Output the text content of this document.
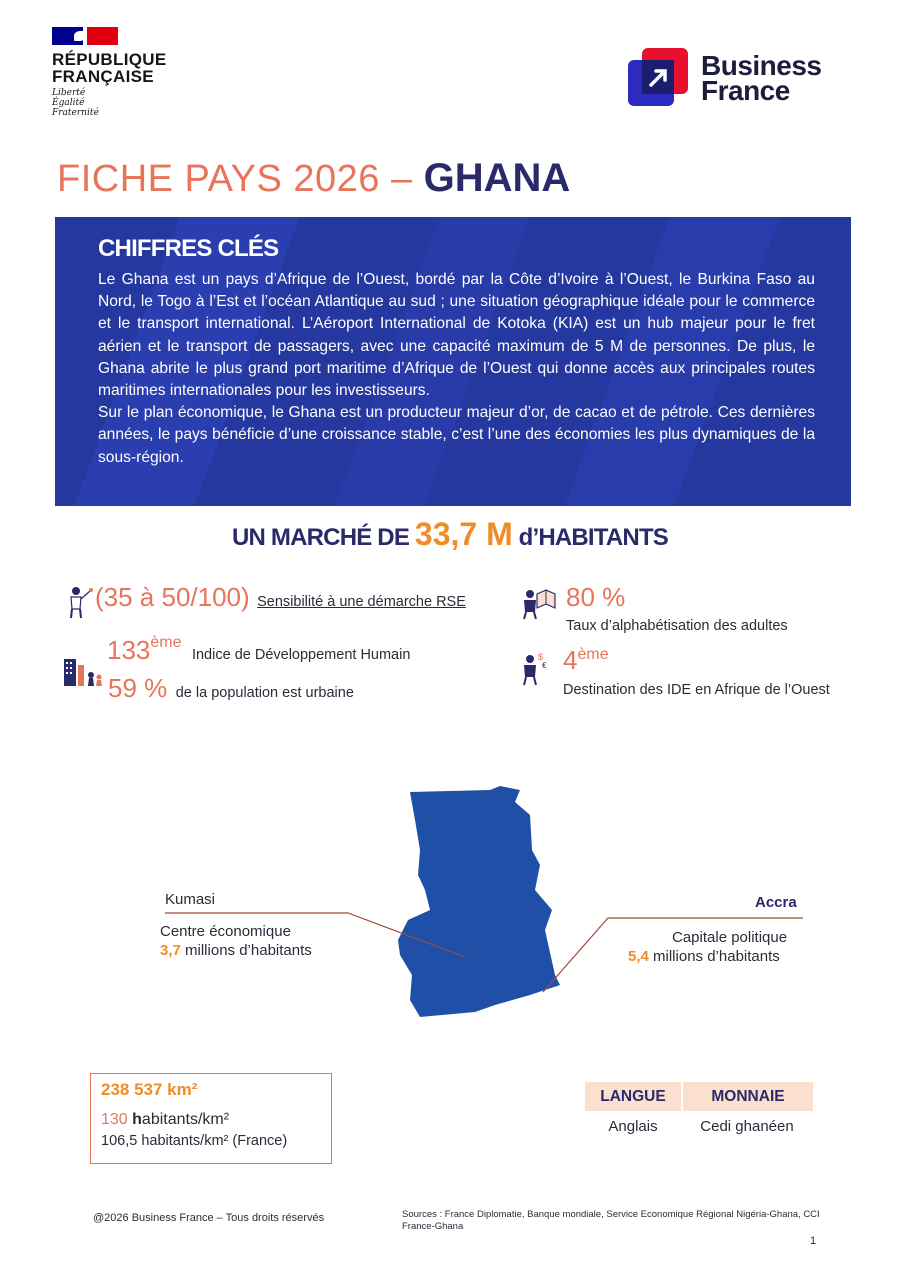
RÉPUBLIQUE
FRANÇAISE
Liberté
Égalité
Fraternité
Business
France
FICHE PAYS 2026 – GHANA
CHIFFRES CLÉS

Le Ghana est un pays d’Afrique de l’Ouest, bordé par la Côte d’Ivoire à l’Ouest, le Burkina Faso au Nord, le Togo à l’Est et l’océan Atlantique au sud ; une situation géographique idéale pour le commerce et le transport international. L’Aéroport International de Kotoka (KIA) est un hub majeur pour le fret aérien et le transport de passagers, avec une capacité maximum de 5 M de personnes. De plus, le Ghana abrite le plus grand port maritime d’Afrique de l’Ouest qui donne accès aux principales routes maritimes internationales pour les investisseurs.

Sur le plan économique, le Ghana est un producteur majeur d’or, de cacao et de pétrole. Ces dernières années, le pays bénéficie d’une croissance stable, c’est l’une des économies les plus dynamiques de la sous-région.

UN MARCHÉ DE 33,7 M d’HABITANTS
(35 à 50/100) Sensibilité à une démarche RSE
133ème Indice de Développement Humain
59 % de la population est urbaine
80 %
Taux d’alphabétisation des adultes
$
€ 4ème
Destination des IDE en Afrique de l’Ouest
Kumasi
Centre économique
3,7 millions d’habitants
Accra
Capitale politique
5,4 millions d’habitants
238 537 km²
130 habitants/km²
106,5 habitants/km² (France)
LANGUE	MONNAIE
Anglais	Cedi ghanéen
@2026 Business France – Tous droits réservés	Sources : France Diplomatie, Banque mondiale, Service Economique Régional Nigéria-Ghana, CCI France-Ghana
1
